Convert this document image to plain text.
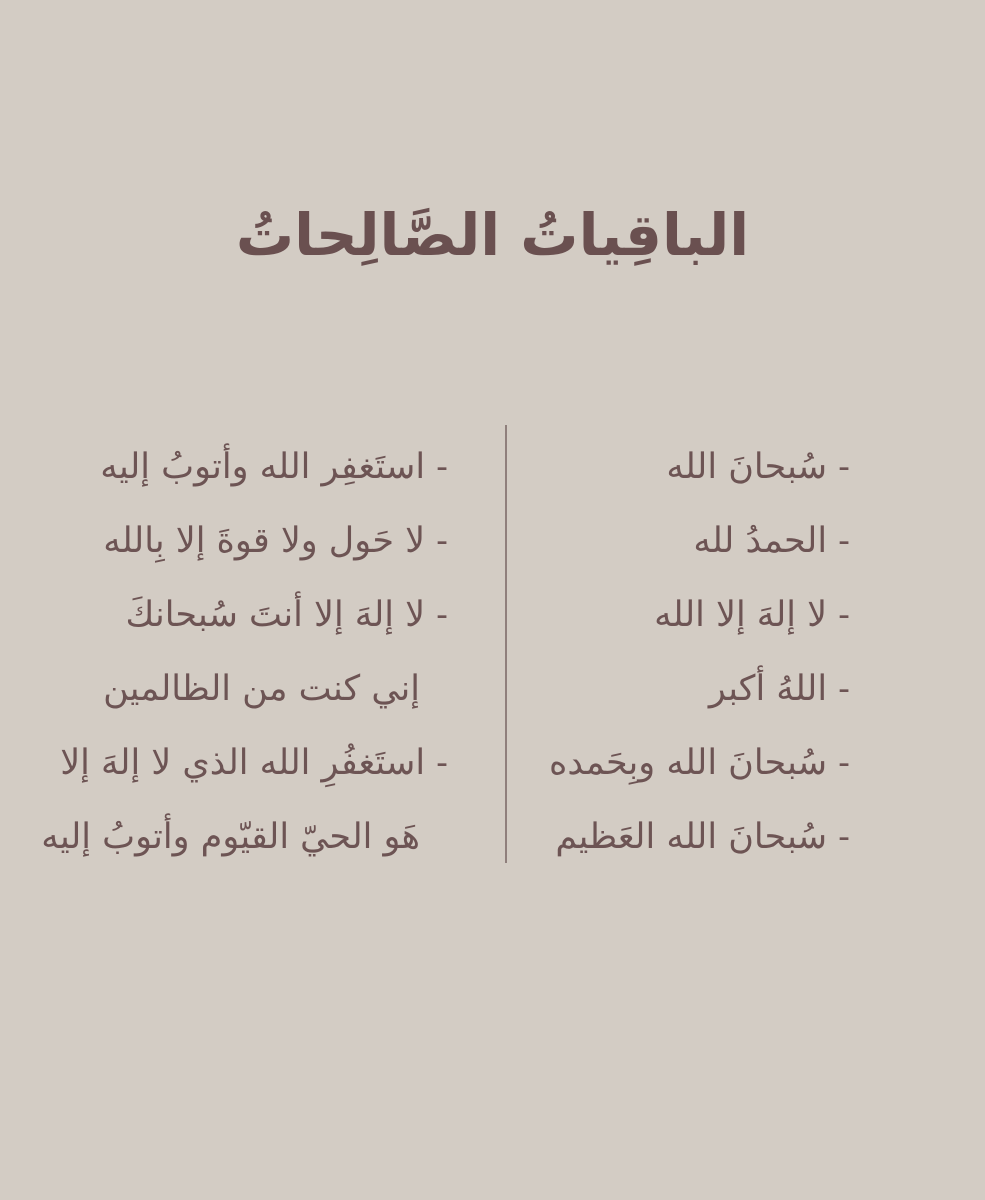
الباقِياتُ الصَّالِحاتُ
- سُبحانَ الله
- الحمدُ لله
- لا إلهَ إلا الله
- اللهُ أكبر
- سُبحانَ الله وبِحَمده
- سُبحانَ الله العَظيم
- استَغفِر الله وأتوبُ إليه
- لا حَول ولا قوةَ إلا بِالله
- لا إلهَ إلا أنتَ سُبحانكَ
إني كنت من الظالمين
- استَغفُرِ الله الذي لا إلهَ إلا
هَو الحيّ القيّوم وأتوبُ إليه
